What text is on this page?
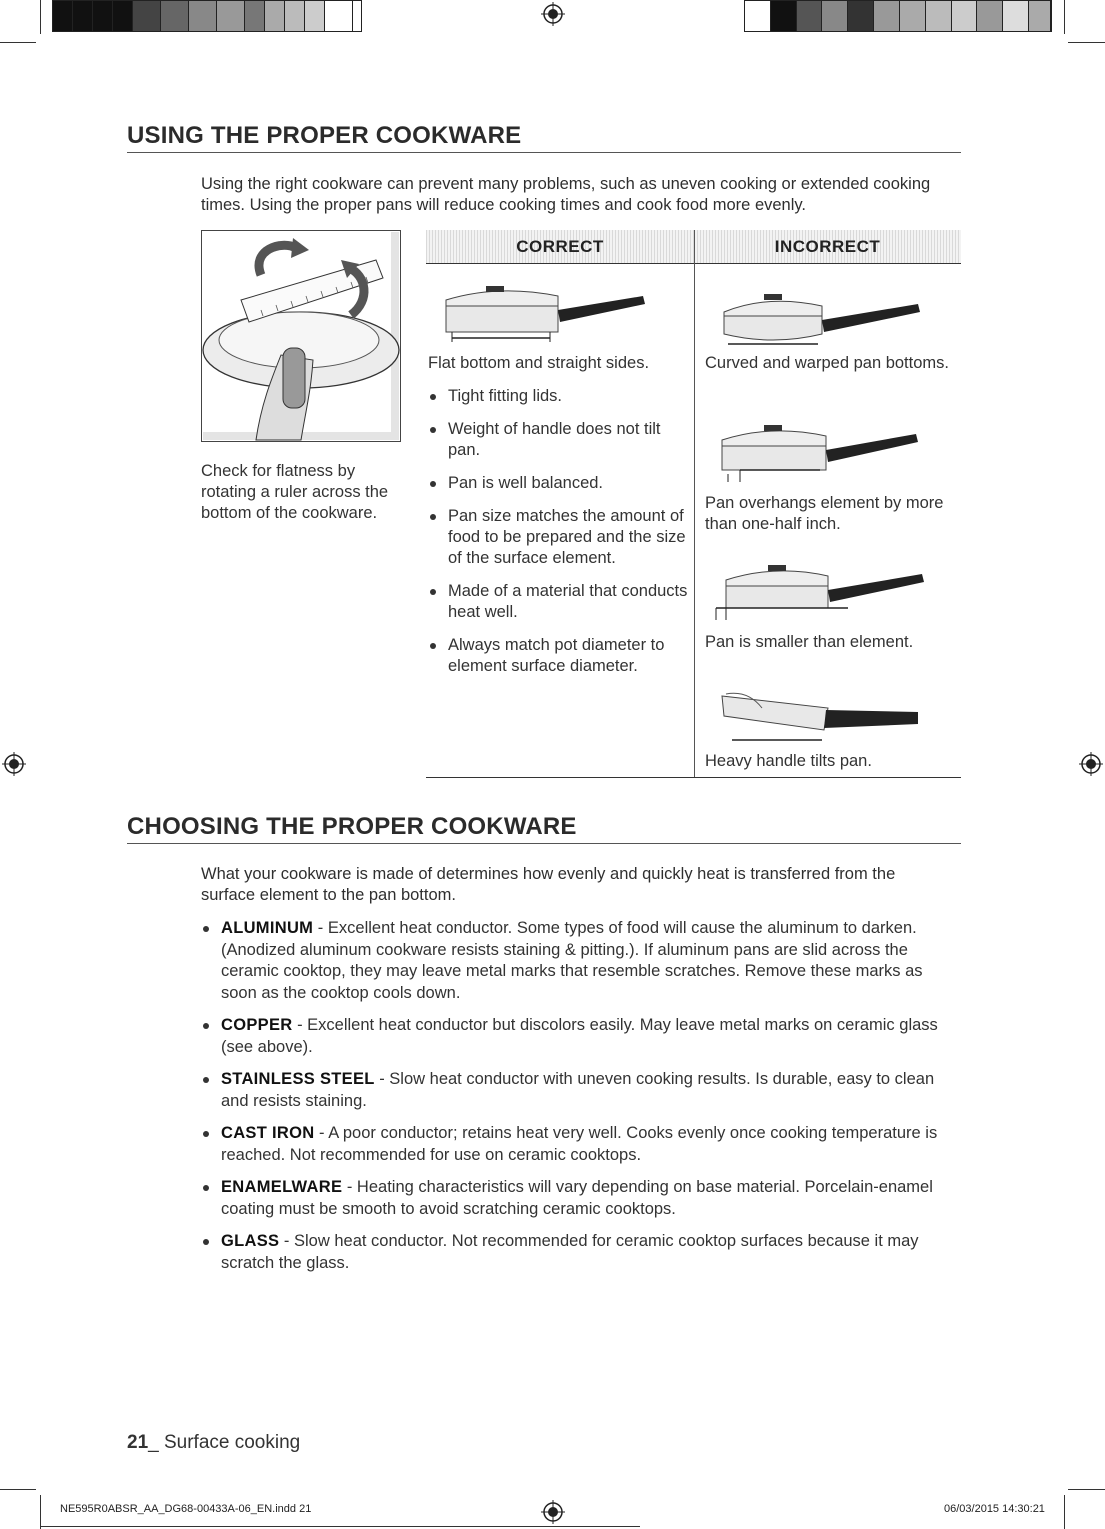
USING THE PROPER COOKWARE
Using the right cookware can prevent many problems, such as uneven cooking or extended cooking times. Using the proper pans will reduce cooking times and cook food more evenly.
Check for flatness by rotating a ruler across the bottom of the cookware.
CORRECT	INCORRECT
Flat bottom and straight sides.
Tight fitting lids.
Weight of handle does not tilt pan.
Pan is well balanced.
Pan size matches the amount of food to be prepared and the size of the surface element.
Made of a material that conducts heat well.
Always match pot diameter to element surface diameter.
Curved and warped pan bottoms.
Pan overhangs element by more than one-half inch.
Pan is smaller than element.
Heavy handle tilts pan.
CHOOSING THE PROPER COOKWARE
What your cookware is made of determines how evenly and quickly heat is transferred from the surface element to the pan bottom.
ALUMINUM - Excellent heat conductor. Some types of food will cause the aluminum to darken. (Anodized aluminum cookware resists staining & pitting.). If aluminum pans are slid across the ceramic cooktop, they may leave metal marks that resemble scratches. Remove these marks as soon as the cooktop cools down.
COPPER - Excellent heat conductor but discolors easily. May leave metal marks on ceramic glass (see above).
STAINLESS STEEL - Slow heat conductor with uneven cooking results. Is durable, easy to clean and resists staining.
CAST IRON - A poor conductor; retains heat very well. Cooks evenly once cooking temperature is reached. Not recommended for use on ceramic cooktops.
ENAMELWARE - Heating characteristics will vary depending on base material. Porcelain-enamel coating must be smooth to avoid scratching ceramic cooktops.
GLASS - Slow heat conductor. Not recommended for ceramic cooktop surfaces because it may scratch the glass.
21_ Surface cooking
NE595R0ABSR_AA_DG68-00433A-06_EN.indd 21	06/03/2015 14:30:21
